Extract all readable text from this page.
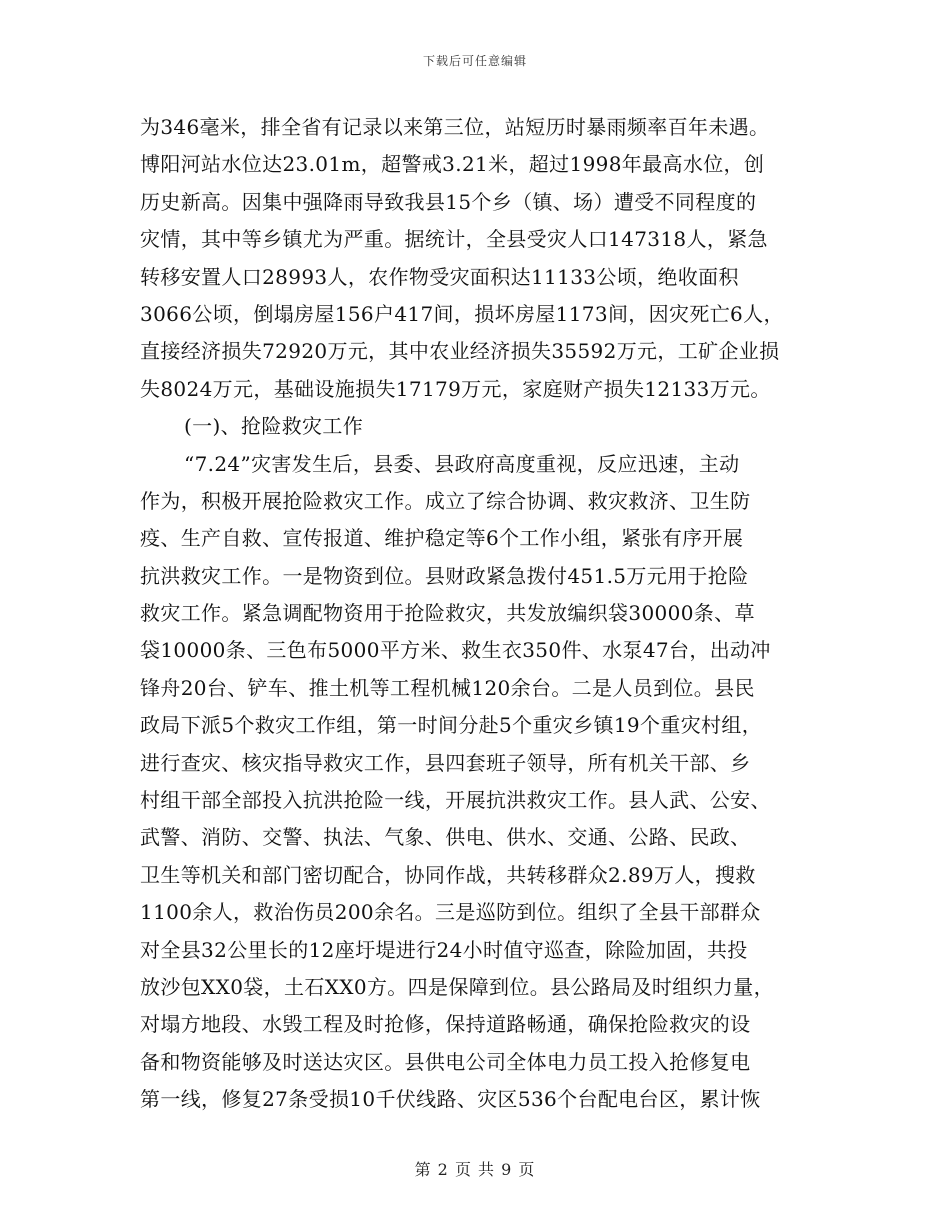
下载后可任意编辑
为346毫米，排全省有记录以来第三位，站短历时暴雨频率百年未遇。
博阳河站水位达23.01m，超警戒3.21米，超过1998年最高水位，创
历史新高。因集中强降雨导致我县15个乡（镇、场）遭受不同程度的
灾情，其中等乡镇尤为严重。据统计，全县受灾人口147318人，紧急
转移安置人口28993人，农作物受灾面积达11133公顷，绝收面积
3066公顷，倒塌房屋156户417间，损坏房屋1173间，因灾死亡6人，
直接经济损失72920万元，其中农业经济损失35592万元，工矿企业损
失8024万元，基础设施损失17179万元，家庭财产损失12133万元。
(一)、抢险救灾工作
“7.24”灾害发生后，县委、县政府高度重视，反应迅速，主动
作为，积极开展抢险救灾工作。成立了综合协调、救灾救济、卫生防
疫、生产自救、宣传报道、维护稳定等6个工作小组，紧张有序开展
抗洪救灾工作。一是物资到位。县财政紧急拨付451.5万元用于抢险
救灾工作。紧急调配物资用于抢险救灾，共发放编织袋30000条、草
袋10000条、三色布5000平方米、救生衣350件、水泵47台，出动冲
锋舟20台、铲车、推土机等工程机械120余台。二是人员到位。县民
政局下派5个救灾工作组，第一时间分赴5个重灾乡镇19个重灾村组，
进行查灾、核灾指导救灾工作，县四套班子领导，所有机关干部、乡
村组干部全部投入抗洪抢险一线，开展抗洪救灾工作。县人武、公安、
武警、消防、交警、执法、气象、供电、供水、交通、公路、民政、
卫生等机关和部门密切配合，协同作战，共转移群众2.89万人，搜救
1100余人，救治伤员200余名。三是巡防到位。组织了全县干部群众
对全县32公里长的12座圩堤进行24小时值守巡查，除险加固，共投
放沙包XX0袋，土石XX0方。四是保障到位。县公路局及时组织力量，
对塌方地段、水毁工程及时抢修，保持道路畅通，确保抢险救灾的设
备和物资能够及时送达灾区。县供电公司全体电力员工投入抢修复电
第一线，修复27条受损10千伏线路、灾区536个台配电台区，累计恢
第 2 页 共 9 页
